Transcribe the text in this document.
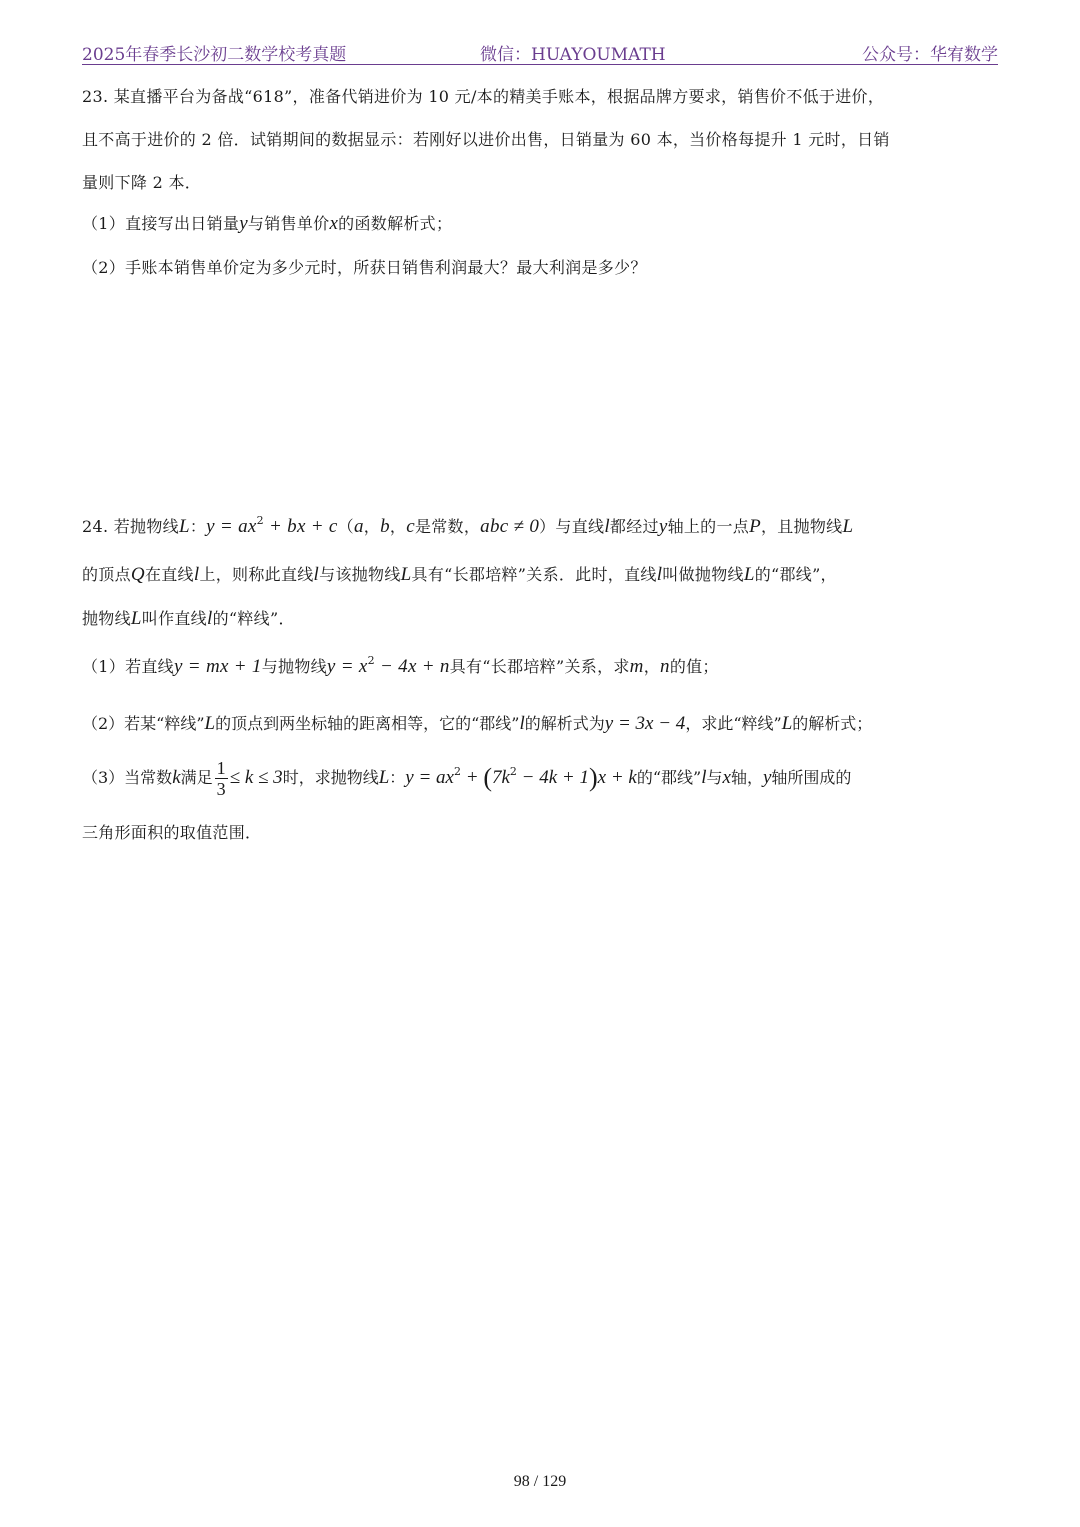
2025年春季长沙初二数学校考真题	微信：HUAYOUMATH	公众号：华宥数学
23. 某直播平台为备战“618”，准备代销进价为 10 元/本的精美手账本，根据品牌方要求，销售价不低于进价，
且不高于进价的 2 倍．试销期间的数据显示：若刚好以进价出售，日销量为 60 本，当价格每提升 1 元时，日销
量则下降 2 本．
（1）直接写出日销量y与销售单价x的函数解析式；
（2）手账本销售单价定为多少元时，所获日销售利润最大？最大利润是多少？
24. 若抛物线L：$y = ax^2$ + bx + c（a，b，c是常数，abc ≠ 0）与直线l都经过y轴上的一点P，且抛物线L
的顶点Q在直线l上，则称此直线l与该抛物线L具有“长郡培粹”关系．此时，直线l叫做抛物线L的“郡线”，
抛物线L叫作直线l的“粹线”．
（1）若直线y = mx + 1与抛物线$y = x^2 - 4x + n$具有“长郡培粹”关系，求m，n的值；
（2）若某“粹线”L的顶点到两坐标轴的距离相等，它的“郡线”l的解析式为y = 3x − 4，求此“粹线”L的解析式；
（3）当常数k满足 $\frac{1}{3} \le k \le 3$时，求抛物线L：$y = ax^2 + (7k^2 - 4k + 1)x + k$的“郡线”l与x轴，y轴所围成的
三角形面积的取值范围．
98 / 129
